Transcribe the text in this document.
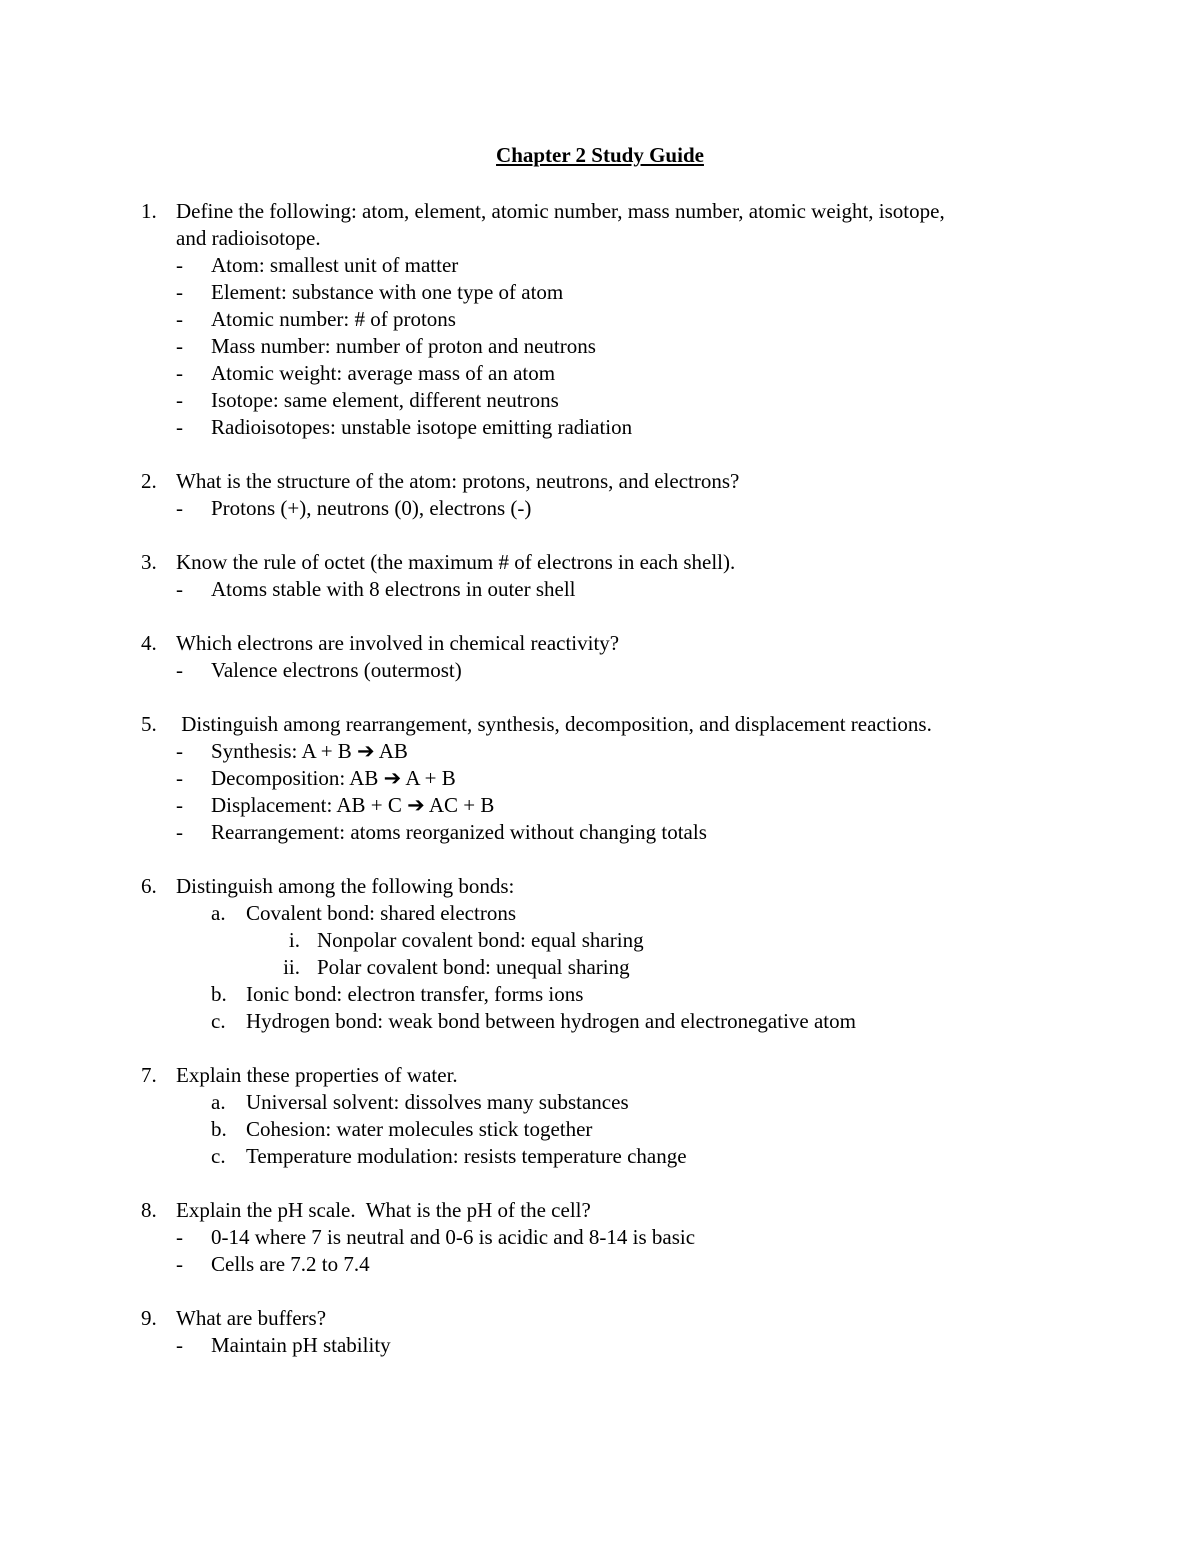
Chapter 2 Study Guide
1. Define the following: atom, element, atomic number, mass number, atomic weight, isotope,
and radioisotope.
- Atom: smallest unit of matter
- Element: substance with one type of atom
- Atomic number: # of protons
- Mass number: number of proton and neutrons
- Atomic weight: average mass of an atom
- Isotope: same element, different neutrons
- Radioisotopes: unstable isotope emitting radiation
2. What is the structure of the atom: protons, neutrons, and electrons?
- Protons (+), neutrons (0), electrons (-)
3. Know the rule of octet (the maximum # of electrons in each shell).
- Atoms stable with 8 electrons in outer shell
4. Which electrons are involved in chemical reactivity?
- Valence electrons (outermost)
5. Distinguish among rearrangement, synthesis, decomposition, and displacement reactions.
- Synthesis: A + B ➔ AB
- Decomposition: AB ➔ A + B
- Displacement: AB + C ➔ AC + B
- Rearrangement: atoms reorganized without changing totals
6. Distinguish among the following bonds:
a. Covalent bond: shared electrons
i. Nonpolar covalent bond: equal sharing
ii. Polar covalent bond: unequal sharing
b. Ionic bond: electron transfer, forms ions
c. Hydrogen bond: weak bond between hydrogen and electronegative atom
7. Explain these properties of water.
a. Universal solvent: dissolves many substances
b. Cohesion: water molecules stick together
c. Temperature modulation: resists temperature change
8. Explain the pH scale.  What is the pH of the cell?
- 0-14 where 7 is neutral and 0-6 is acidic and 8-14 is basic
- Cells are 7.2 to 7.4
9. What are buffers?
- Maintain pH stability
